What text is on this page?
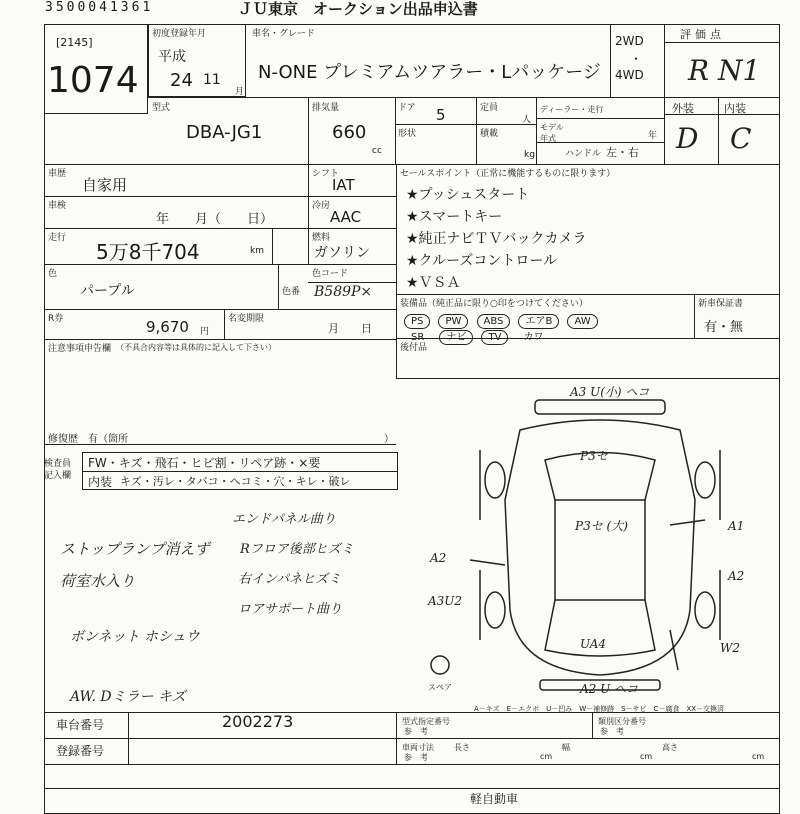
3500041361	ＪＵ東京　オークション出品申込書
[2145]
1074
初度登録年月
平成
24 11
月
車名・グレード
N-ONE プレミアムツアラー・Lパッケージ
2WD
・
4WD
評価点
R N1
外装	内装
D C
型式
DBA-JG1
排気量
660
cc
ドア 5	定員
人
形状	積載
kg
ディーラー・走行
モデル年式	年
ハンドル 左・右
車歴
自家用
車検
年　　月（　　日）
走行
5万8千704	km
色
パープル	色番
R券	9,670 円
名変期限
月　　日
シフト
IAT
冷房
AAC
燃料
ガソリン
色コード
B589P×
セールスポイント（正常に機能するものに限ります）
★プッシュスタート
★スマートキー
★純正ナビＴＶバックカメラ
★クルーズコントロール
★ＶＳＡ
装備品（純正品に限り○印をつけてください）
PS PW ABS エアB AW
SR ナビ TV カワ
新車保証書
有・無
後付品
注意事項申告欄 （不具合内容等は具体的に記入して下さい）
修復歴　有（箇所	）
検査員記入欄
FW・キズ・飛石・ヒビ割・リペア跡・×要
内装 キズ・汚レ・タバコ・ヘコミ・穴・キレ・破レ
ストップランプ消えず
荷室水入り
ボンネット ホシュウ
AW. Dミラー キズ
エンドパネル曲り
Rフロア後部ヒズミ
右インパネヒズミ
ロアサポート曲り
A3 U(小) ヘコ
P3セ
P3セ (大)	A1
A2
A2
A3U2
UA4	W2
A2 U ヘコ
スペア
A－キズ　E－エクボ　U－凹み　W－補修跡　S－サビ　C－腐食　XX－交換済
車台番号	2002273
登録番号
型式指定番号
参　考
類別区分番号
参　考
車両寸法
参　考
長さ
cm
幅
cm
高さ
cm
軽自動車
